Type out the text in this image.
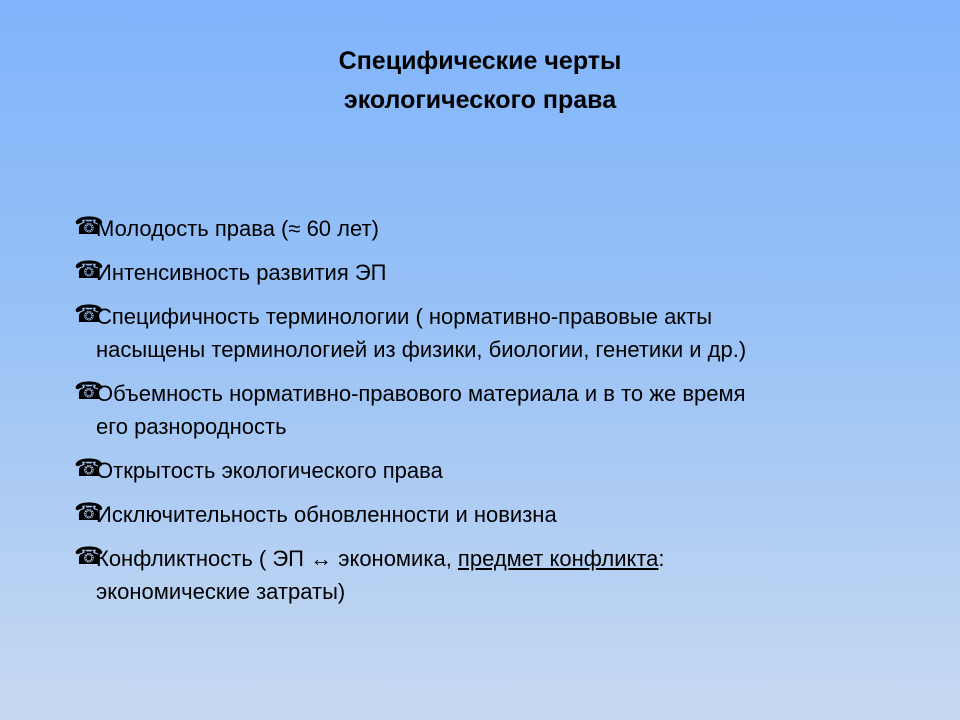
Специфические черты
экологического права
☎
Молодость права (≈ 60 лет)
☎
Интенсивность развития ЭП
☎
Специфичность терминологии ( нормативно-правовые акты
насыщены терминологией из физики, биологии, генетики и др.)
☎
Объемность нормативно-правового материала и в то же время
его разнородность
☎
Открытость экологического права
☎
Исключительность обновленности и новизна
☎
Конфликтность ( ЭП ↔ экономика, предмет конфликта:
экономические затраты)
